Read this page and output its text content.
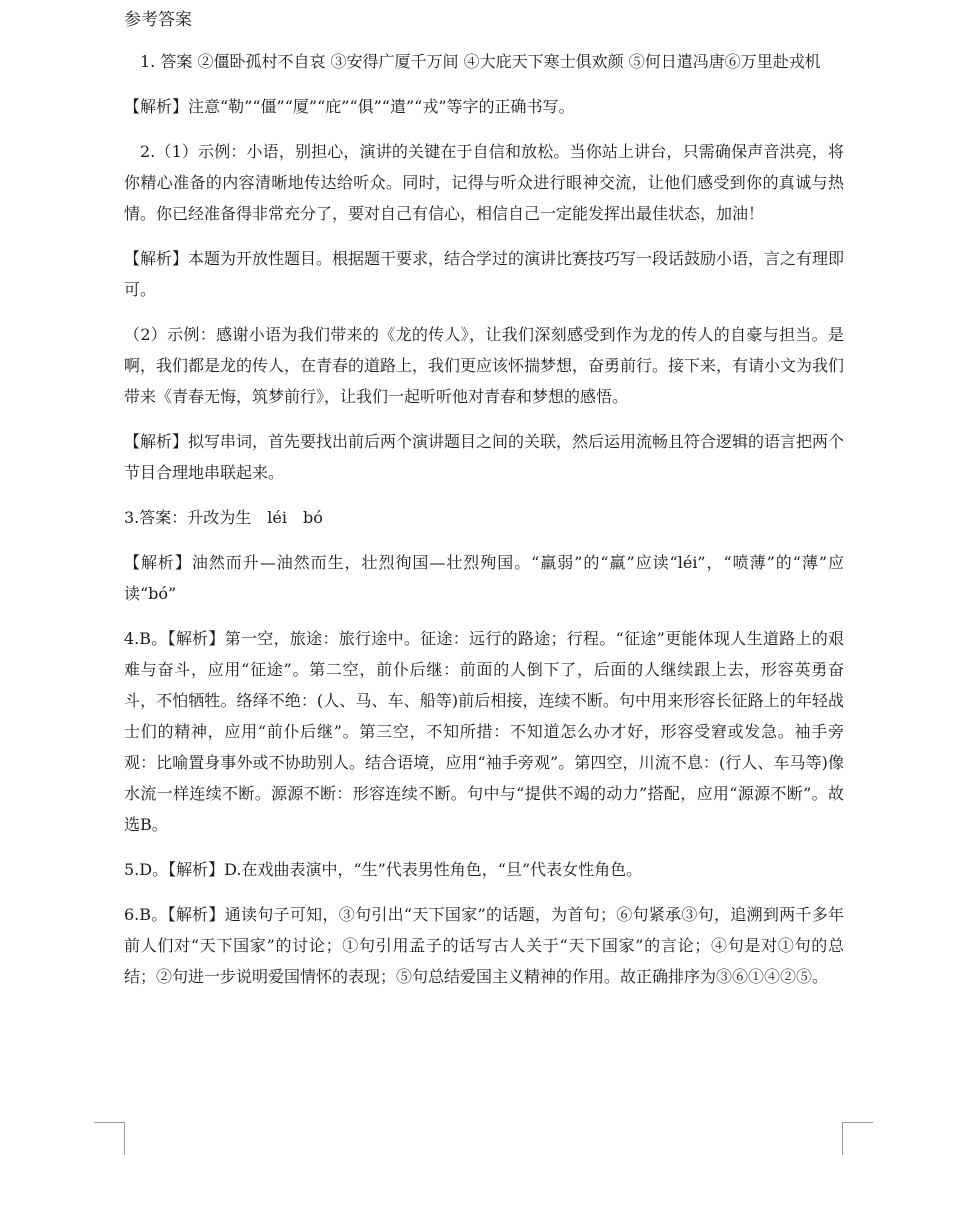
参考答案

1. 答案 ②僵卧孤村不自哀 ③安得广厦千万间 ④大庇天下寒士俱欢颜 ⑤何日遣冯唐⑥万里赴戎机

【解析】注意“勒”“僵”“厦”“庇”“俱”“遣”“戎”等字的正确书写。

2.（1）示例：小语，别担心，演讲的关键在于自信和放松。当你站上讲台，只需确保声音洪亮，将你精心准备的内容清晰地传达给听众。同时，记得与听众进行眼神交流，让他们感受到你的真诚与热情。你已经准备得非常充分了，要对自己有信心，相信自己一定能发挥出最佳状态，加油！

【解析】本题为开放性题目。根据题干要求，结合学过的演讲比赛技巧写一段话鼓励小语，言之有理即可。

（2）示例：感谢小语为我们带来的《龙的传人》，让我们深刻感受到作为龙的传人的自豪与担当。是啊，我们都是龙的传人，在青春的道路上，我们更应该怀揣梦想，奋勇前行。接下来，有请小文为我们带来《青春无悔，筑梦前行》，让我们一起听听他对青春和梦想的感悟。

【解析】拟写串词，首先要找出前后两个演讲题目之间的关联，然后运用流畅且符合逻辑的语言把两个节目合理地串联起来。

3.答案：升改为生　léi　bó

【解析】油然而升—油然而生，壮烈徇国—壮烈殉国。“羸弱”的“羸”应读“léi”，“喷薄”的“薄”应读“bó”

4.B。【解析】第一空，旅途：旅行途中。征途：远行的路途；行程。“征途”更能体现人生道路上的艰难与奋斗，应用“征途”。第二空，前仆后继：前面的人倒下了，后面的人继续跟上去，形容英勇奋斗，不怕牺牲。络绎不绝：(人、马、车、船等)前后相接，连续不断。句中用来形容长征路上的年轻战士们的精神，应用“前仆后继”。第三空，不知所措：不知道怎么办才好，形容受窘或发急。袖手旁观：比喻置身事外或不协助别人。结合语境，应用“袖手旁观”。第四空，川流不息：(行人、车马等)像水流一样连续不断。源源不断：形容连续不断。句中与“提供不竭的动力”搭配，应用“源源不断”。故选B。

5.D。【解析】D.在戏曲表演中，“生”代表男性角色，“旦”代表女性角色。

6.B。【解析】通读句子可知，③句引出“天下国家”的话题，为首句；⑥句紧承③句，追溯到两千多年前人们对“天下国家”的讨论；①句引用孟子的话写古人关于“天下国家”的言论；④句是对①句的总结；②句进一步说明爱国情怀的表现；⑤句总结爱国主义精神的作用。故正确排序为③⑥①④②⑤。
